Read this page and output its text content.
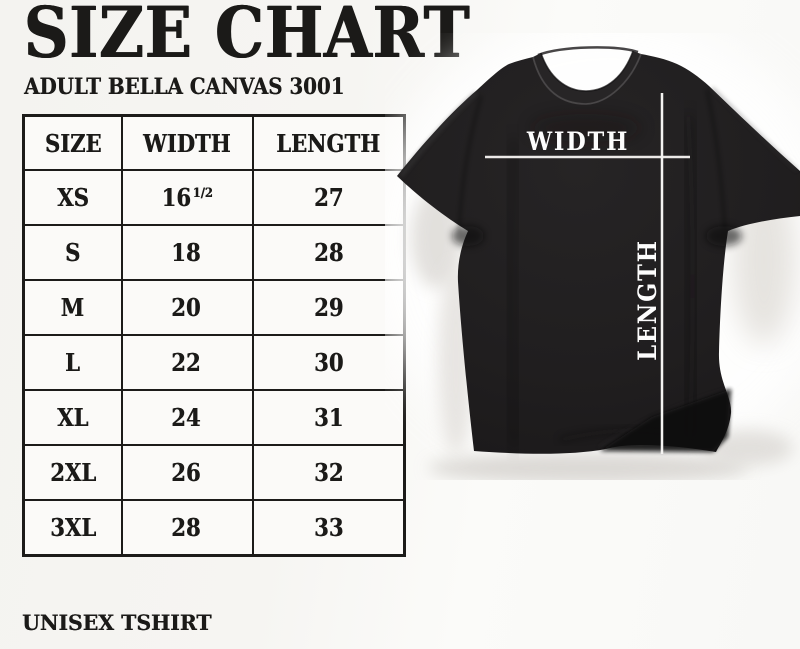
SIZE CHART
ADULT BELLA CANVAS 3001
SIZE	WIDTH	LENGTH
XS	16 $^{1/2}$	27
S	18	28
M	20	29
L	22	30
XL	24	31
2XL	26	32
3XL	28	33
UNISEX TSHIRT
WIDTH
LENGTH
